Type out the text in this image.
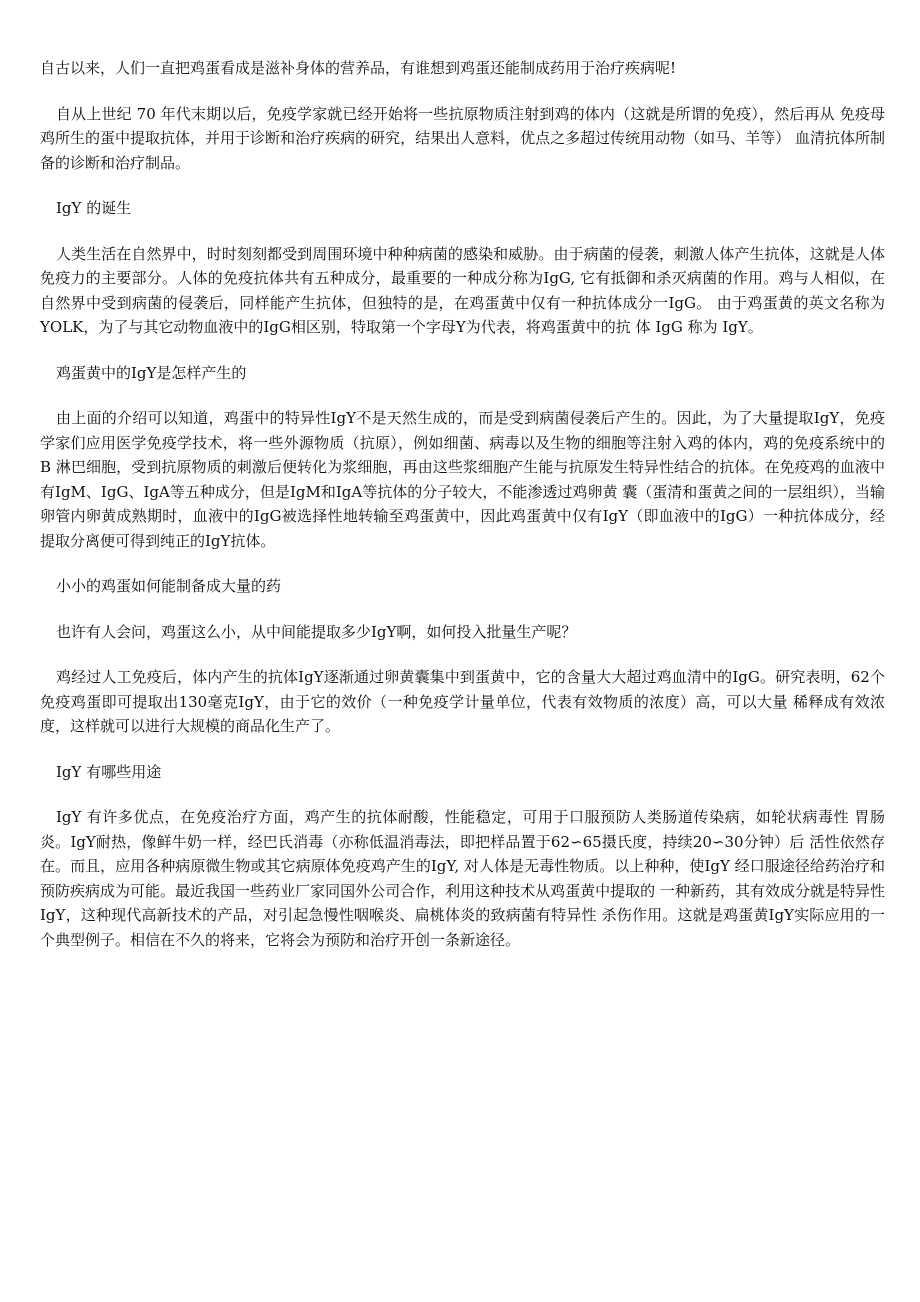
自古以来，人们一直把鸡蛋看成是滋补身体的营养品，有谁想到鸡蛋还能制成药用于治疗疾病呢!

自从上世纪 70 年代末期以后，免疫学家就已经开始将一些抗原物质注射到鸡的体内（这就是所谓的免疫），然后再从 免疫母鸡所生的蛋中提取抗体，并用于诊断和治疗疾病的研究，结果出人意料，优点之多超过传统用动物（如马、羊等） 血清抗体所制备的诊断和治疗制品。

IgY 的诞生

人类生活在自然界中，时时刻刻都受到周围环境中种种病菌的感染和威胁。由于病菌的侵袭，刺激人体产生抗体，这就是人体免疫力的主要部分。人体的免疫抗体共有五种成分，最重要的一种成分称为IgG, 它有抵御和杀灭病菌的作用。鸡与人相似，在自然界中受到病菌的侵袭后，同样能产生抗体，但独特的是，在鸡蛋黄中仅有一种抗体成分一IgG。 由于鸡蛋黄的英文名称为YOLK，为了与其它动物血液中的IgG相区别，特取第一个字母Y为代表，将鸡蛋黄中的抗 体 IgG 称为 IgY。

鸡蛋黄中的IgY是怎样产生的

由上面的介绍可以知道，鸡蛋中的特异性IgY不是天然生成的，而是受到病菌侵袭后产生的。因此，为了大量提取IgY，免疫学家们应用医学免疫学技术，将一些外源物质（抗原），例如细菌、病毒以及生物的细胞等注射入鸡的体内，鸡的免疫系统中的 B 淋巴细胞，受到抗原物质的刺激后便转化为浆细胞，再由这些浆细胞产生能与抗原发生特异性结合的抗体。在免疫鸡的血液中有IgM、IgG、IgA等五种成分，但是IgM和IgA等抗体的分子较大，不能渗透过鸡卵黄 囊（蛋清和蛋黄之间的一层组织），当输卵管内卵黄成熟期时，血液中的IgG被选择性地转输至鸡蛋黄中，因此鸡蛋黄中仅有IgY（即血液中的IgG）一种抗体成分，经提取分离便可得到纯正的IgY抗体。

小小的鸡蛋如何能制备成大量的药

也许有人会问，鸡蛋这么小，从中间能提取多少IgY啊，如何投入批量生产呢？

鸡经过人工免疫后，体内产生的抗体IgY逐渐通过卵黄囊集中到蛋黄中，它的含量大大超过鸡血清中的IgG。研究表明，62个免疫鸡蛋即可提取出130毫克IgY，由于它的效价（一种免疫学计量单位，代表有效物质的浓度）高，可以大量 稀释成有效浓度，这样就可以进行大规模的商品化生产了。

IgY 有哪些用途

IgY 有许多优点，在免疫治疗方面，鸡产生的抗体耐酸，性能稳定，可用于口服预防人类肠道传染病，如轮状病毒性 胃肠炎。IgY耐热，像鲜牛奶一样，经巴氏消毒（亦称低温消毒法，即把样品置于62∽65摄氏度，持续20∽30分钟）后 活性依然存在。而且，应用各种病原微生物或其它病原体免疫鸡产生的IgY, 对人体是无毒性物质。以上种种，使IgY 经口服途径给药治疗和预防疾病成为可能。最近我国一些药业厂家同国外公司合作，利用这种技术从鸡蛋黄中提取的 一种新药，其有效成分就是特异性IgY，这种现代高新技术的产品，对引起急慢性咽喉炎、扁桃体炎的致病菌有特异性 杀伤作用。这就是鸡蛋黄IgY实际应用的一个典型例子。相信在不久的将来，它将会为预防和治疗开创一条新途径。
